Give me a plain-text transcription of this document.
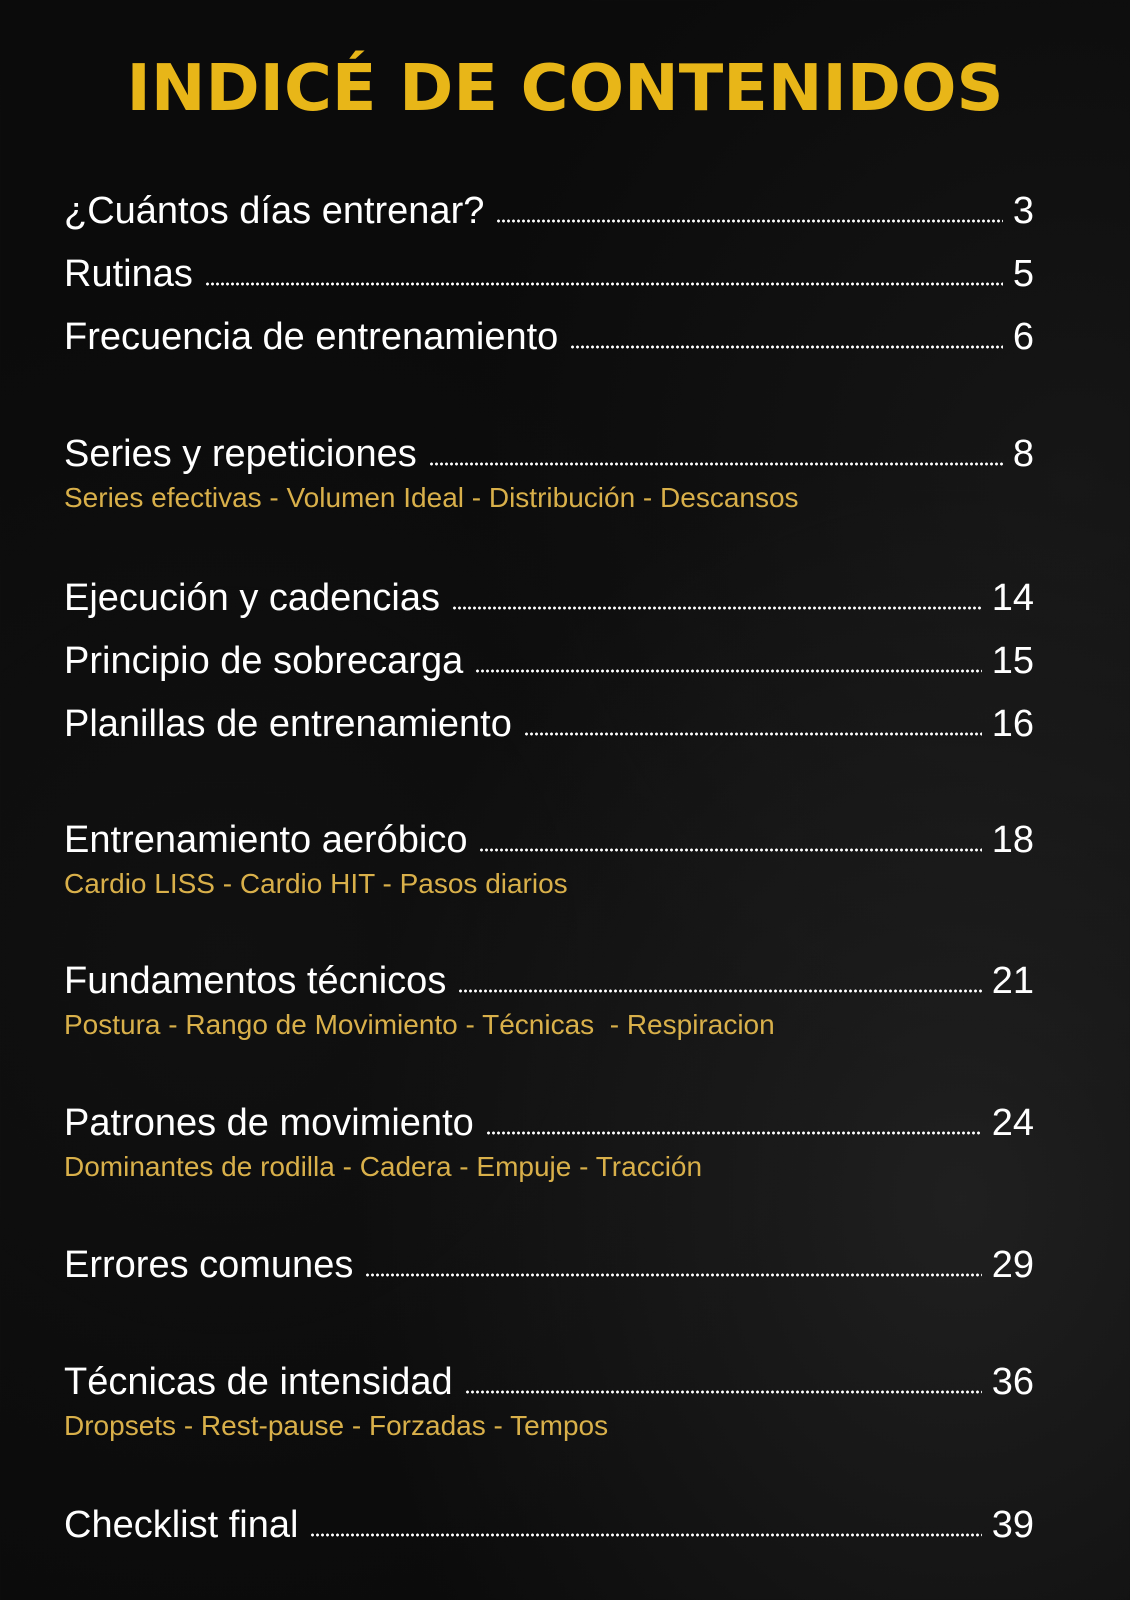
INDICÉ DE CONTENIDOS
¿Cuántos días entrenar?	3
Rutinas	5
Frecuencia de entrenamiento	6
Series y repeticiones	8
Series efectivas - Volumen Ideal - Distribución - Descansos
Ejecución y cadencias	14
Principio de sobrecarga	15
Planillas de entrenamiento	16
Entrenamiento aeróbico	18
Cardio LISS - Cardio HIT - Pasos diarios
Fundamentos técnicos	21
Postura - Rango de Movimiento - Técnicas  - Respiracion
Patrones de movimiento	24
Dominantes de rodilla - Cadera - Empuje - Tracción
Errores comunes	29
Técnicas de intensidad	36
Dropsets - Rest-pause - Forzadas - Tempos
Checklist final	39
